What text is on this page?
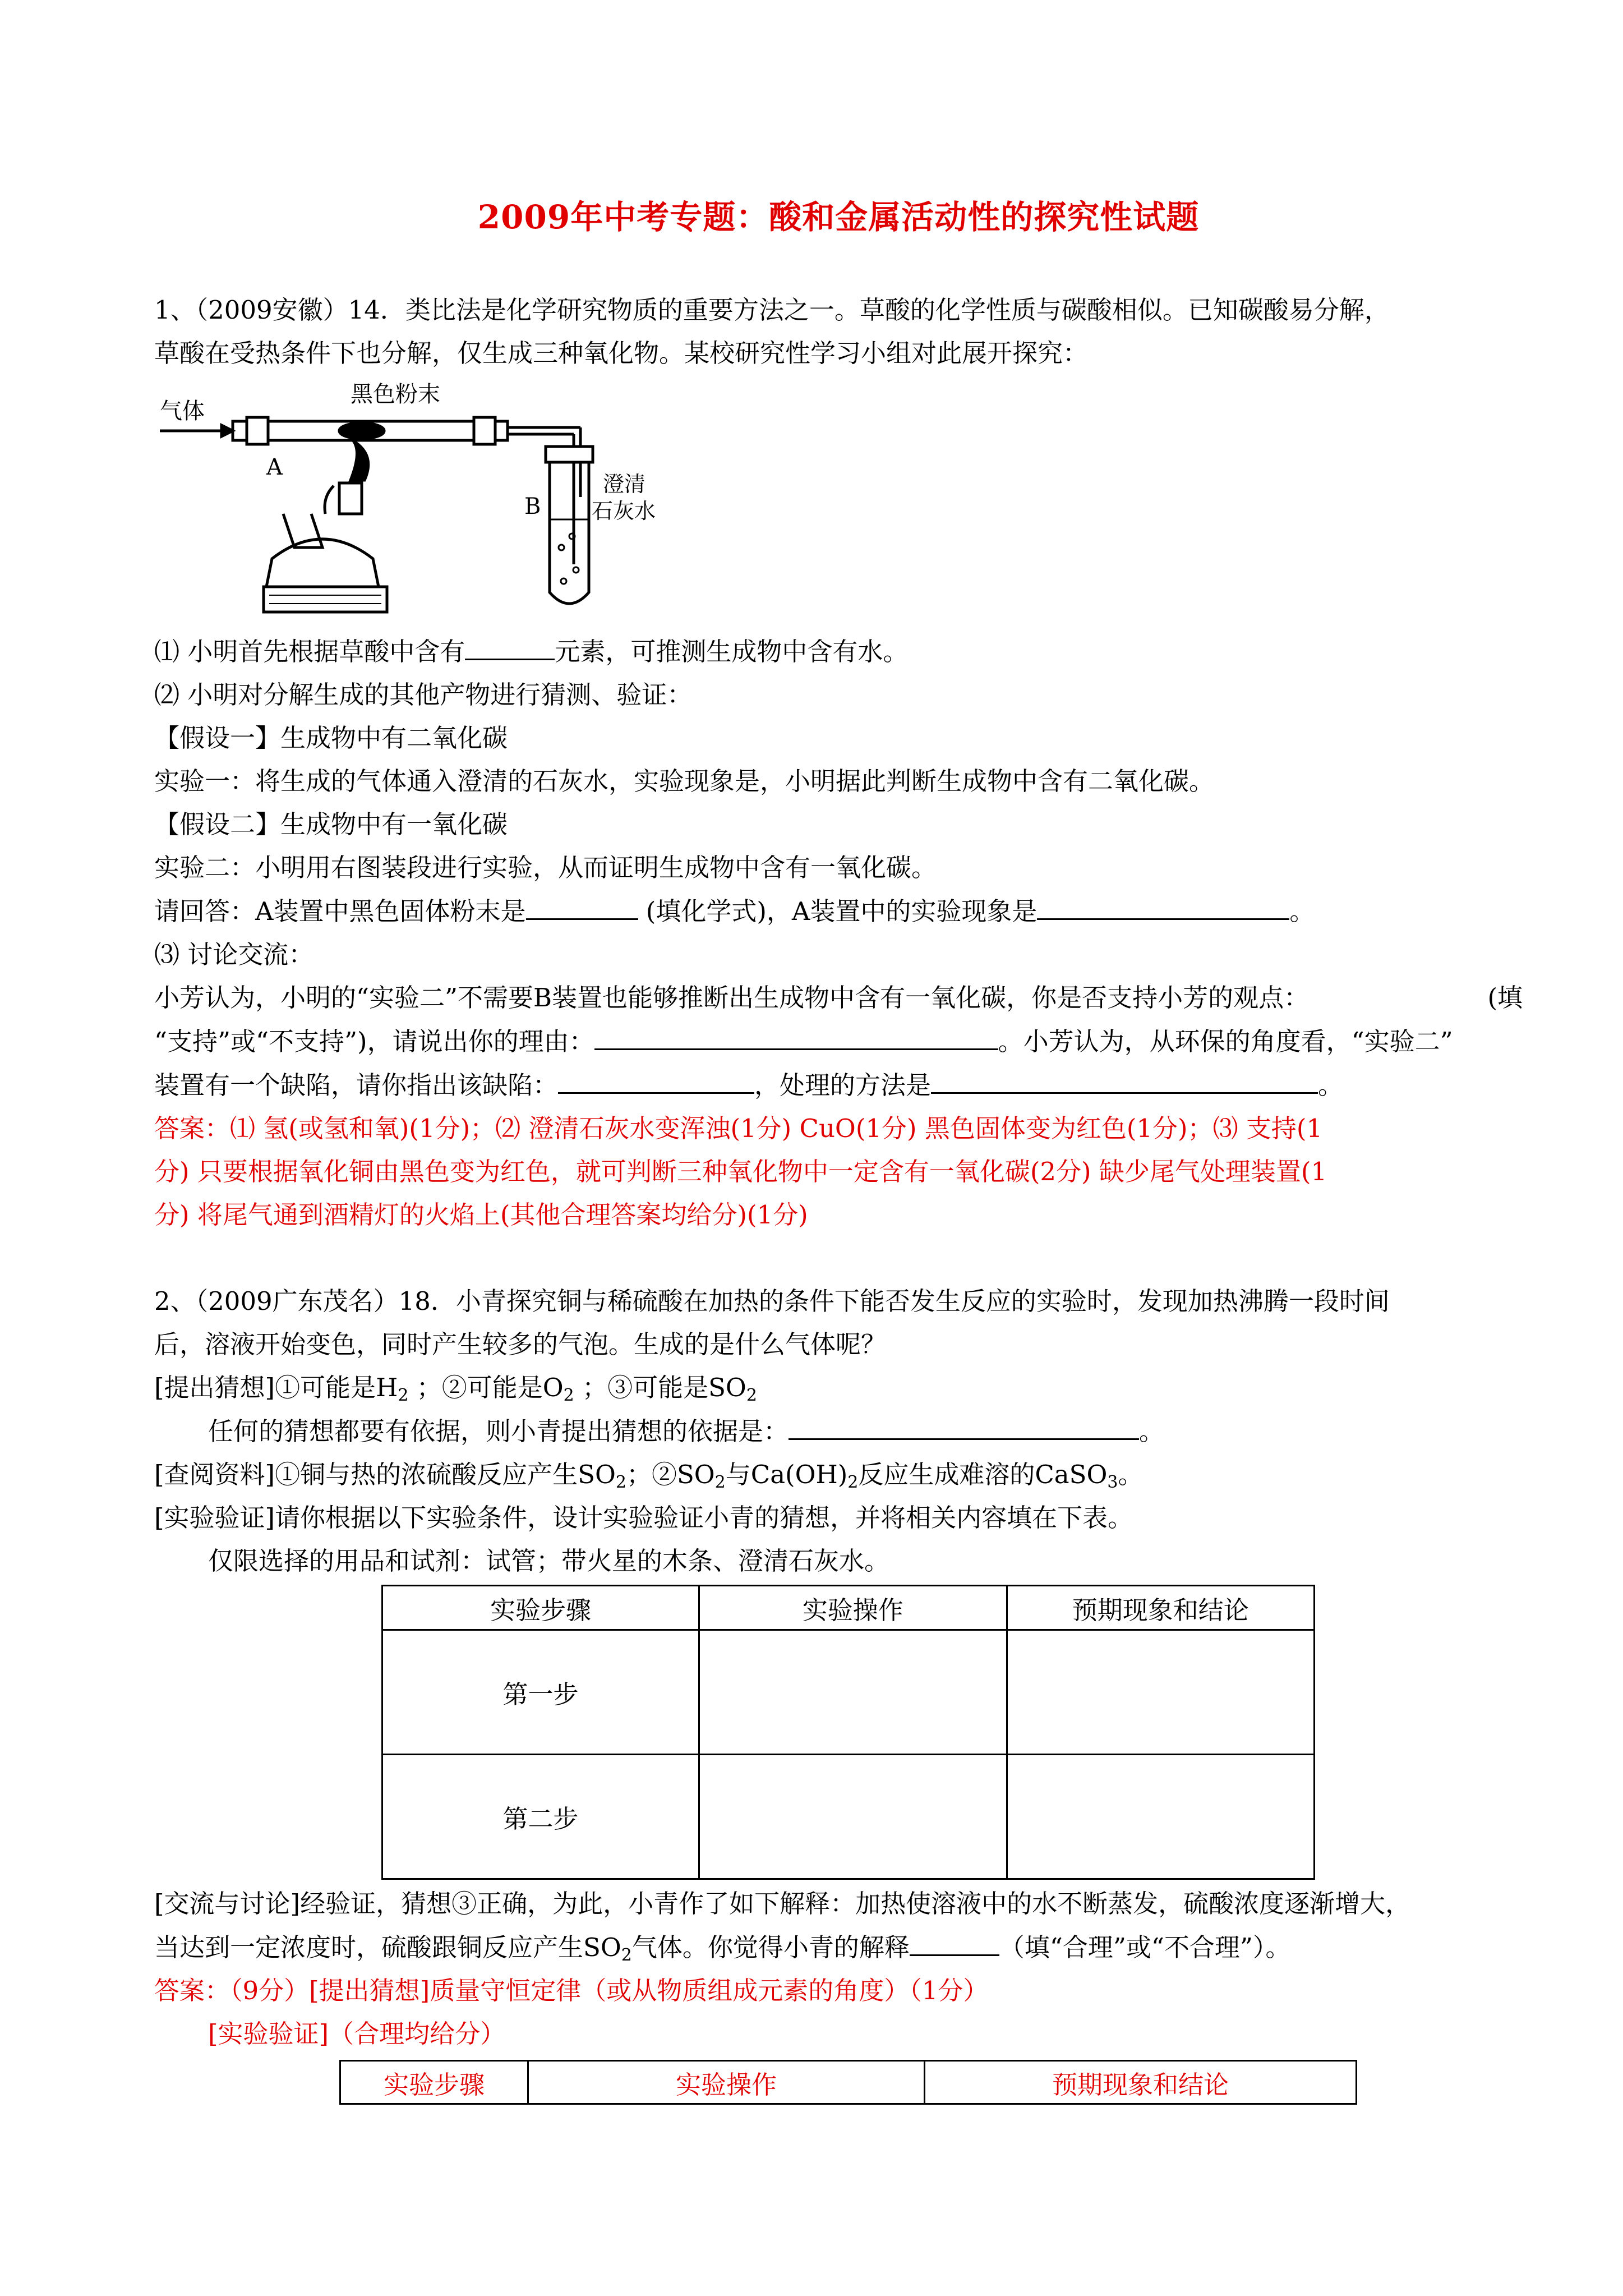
2009年中考专题：酸和金属活动性的探究性试题

1、（2009安徽）14．类比法是化学研究物质的重要方法之一。草酸的化学性质与碳酸相似。已知碳酸易分解，

草酸在受热条件下也分解，仅生成三种氧化物。某校研究性学习小组对此展开探究：

气体
黑色粉末
A
B
澄清
石灰水

⑴ 小明首先根据草酸中含有	元素，可推测生成物中含有水。

⑵ 小明对分解生成的其他产物进行猜测、验证：

【假设一】生成物中有二氧化碳

实验一：将生成的气体通入澄清的石灰水，实验现象是，小明据此判断生成物中含有二氧化碳。

【假设二】生成物中有一氧化碳

实验二：小明用右图装段进行实验，从而证明生成物中含有一氧化碳。

请回答：A装置中黑色固体粉末是	(填化学式)，A装置中的实验现象是	。

⑶ 讨论交流：

小芳认为，小明的“实验二”不需要B装置也能够推断出生成物中含有一氧化碳，你是否支持小芳的观点：	(填

“支持”或“不支持”)，请说出你的理由：	。小芳认为，从环保的角度看，“实验二”

装置有一个缺陷，请你指出该缺陷：	，处理的方法是	。

答案：⑴ 氢(或氢和氧)(1分)；⑵ 澄清石灰水变浑浊(1分) CuO(1分) 黑色固体变为红色(1分)；⑶ 支持(1

分) 只要根据氧化铜由黑色变为红色，就可判断三种氧化物中一定含有一氧化碳(2分) 缺少尾气处理装置(1

分) 将尾气通到酒精灯的火焰上(其他合理答案均给分)(1分)

2、（2009广东茂名）18．小青探究铜与稀硫酸在加热的条件下能否发生反应的实验时，发现加热沸腾一段时间

后，溶液开始变色，同时产生较多的气泡。生成的是什么气体呢？

[提出猜想]①可能是$H_2$ ；②可能是$O_2$ ；③可能是$SO_2$

任何的猜想都要有依据，则小青提出猜想的依据是：	。

[查阅资料]①铜与热的浓硫酸反应产生$SO_2$；$②SO_2$与$Ca(OH)_2$反应生成难溶的CaSO$_3$。

[实验验证]请你根据以下实验条件，设计实验验证小青的猜想，并将相关内容填在下表。

仅限选择的用品和试剂：试管；带火星的木条、澄清石灰水。

实验步骤	实验操作	预期现象和结论
第一步		
第二步		

[交流与讨论]经验证，猜想③正确，为此，小青作了如下解释：加热使溶液中的水不断蒸发，硫酸浓度逐渐增大，

当达到一定浓度时，硫酸跟铜反应产生$SO_2$气体。你觉得小青的解释	（填“合理”或“不合理”）。

答案：（9分）[提出猜想]质量守恒定律（或从物质组成元素的角度）（1分）

[实验验证]（合理均给分）

实验步骤	实验操作	预期现象和结论
